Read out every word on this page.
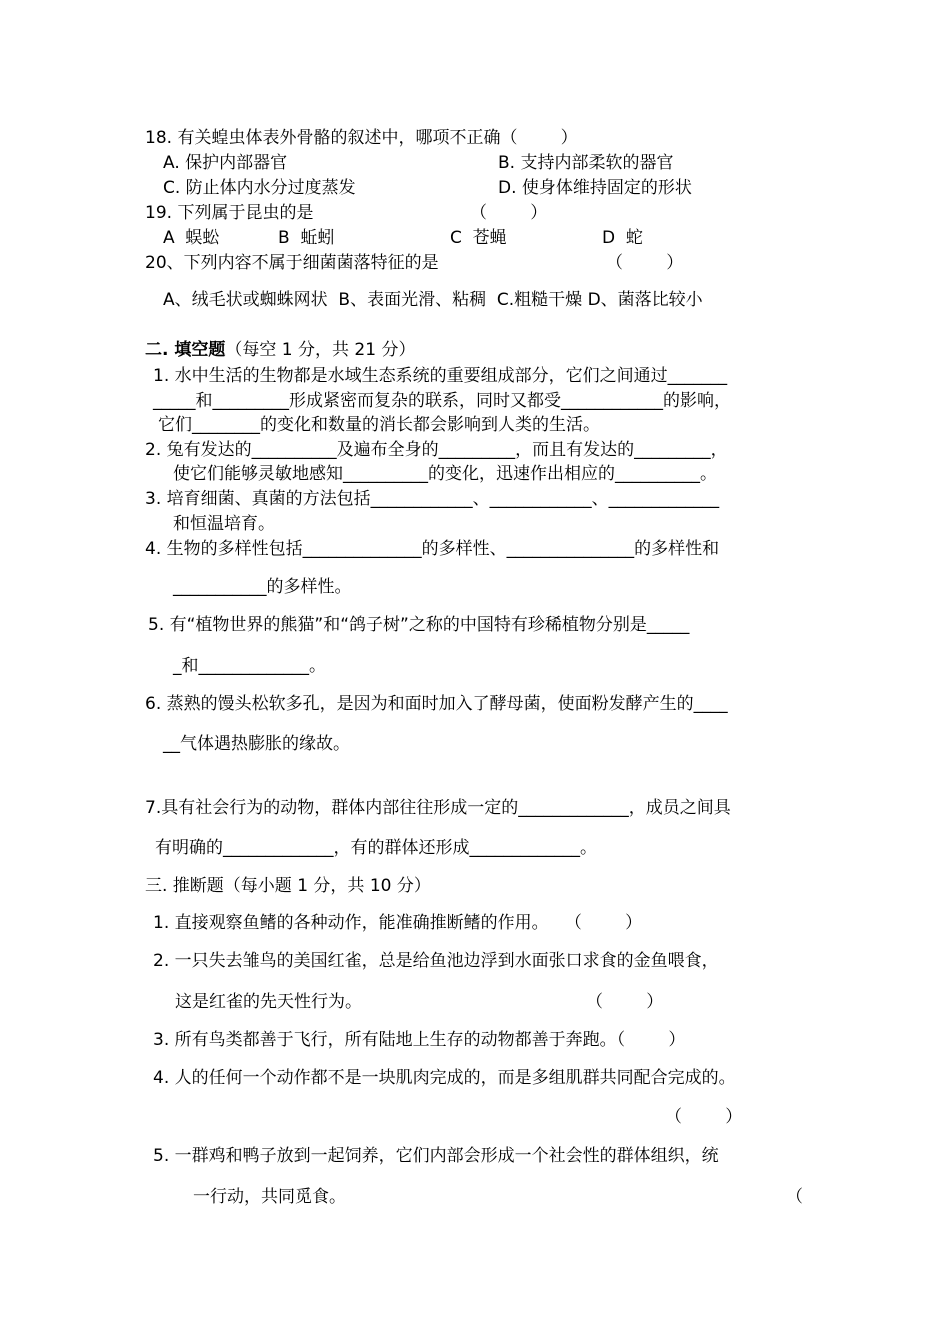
18. 有关蝗虫体表外骨骼的叙述中，哪项不正确（        ）
A. 保护内部器官	B. 支持内部柔软的器官
C. 防止体内水分过度蒸发	D. 使身体维持固定的形状
19. 下列属于昆虫的是	（        ）
A  蜈蚣	B  蚯蚓	C  苍蝇	D  蛇
20、下列内容不属于细菌菌落特征的是	（        ）
A、绒毛状或蜘蛛网状  B、表面光滑、粘稠  C.粗糙干燥 D、菌落比较小
二. 填空题（每空 1 分，共 21 分）
1. 水中生活的生物都是水域生态系统的重要组成部分，它们之间通过_______
_____和_________形成紧密而复杂的联系，同时又都受____________的影响，
它们________的变化和数量的消长都会影响到人类的生活。
2. 兔有发达的__________及遍布全身的_________，而且有发达的_________，
使它们能够灵敏地感知__________的变化，迅速作出相应的__________。
3. 培育细菌、真菌的方法包括____________、____________、_____________
和恒温培育。
4. 生物的多样性包括______________的多样性、_______________的多样性和
___________的多样性。
5. 有“植物世界的熊猫”和“鸽子树”之称的中国特有珍稀植物分别是_____
_和_____________。
6. 蒸熟的馒头松软多孔，是因为和面时加入了酵母菌，使面粉发酵产生的____
__气体遇热膨胀的缘故。
7.具有社会行为的动物，群体内部往往形成一定的_____________，成员之间具
有明确的_____________，有的群体还形成_____________。
三. 推断题（每小题 1 分，共 10 分）
1. 直接观察鱼鳍的各种动作，能准确推断鳍的作用。   （        ）
2. 一只失去雏鸟的美国红雀，总是给鱼池边浮到水面张口求食的金鱼喂食，
这是红雀的先天性行为。	（        ）
3. 所有鸟类都善于飞行，所有陆地上生存的动物都善于奔跑。（        ）
4. 人的任何一个动作都不是一块肌肉完成的，而是多组肌群共同配合完成的。
（        ）
5. 一群鸡和鸭子放到一起饲养，它们内部会形成一个社会性的群体组织，统
一行动，共同觅食。	（
